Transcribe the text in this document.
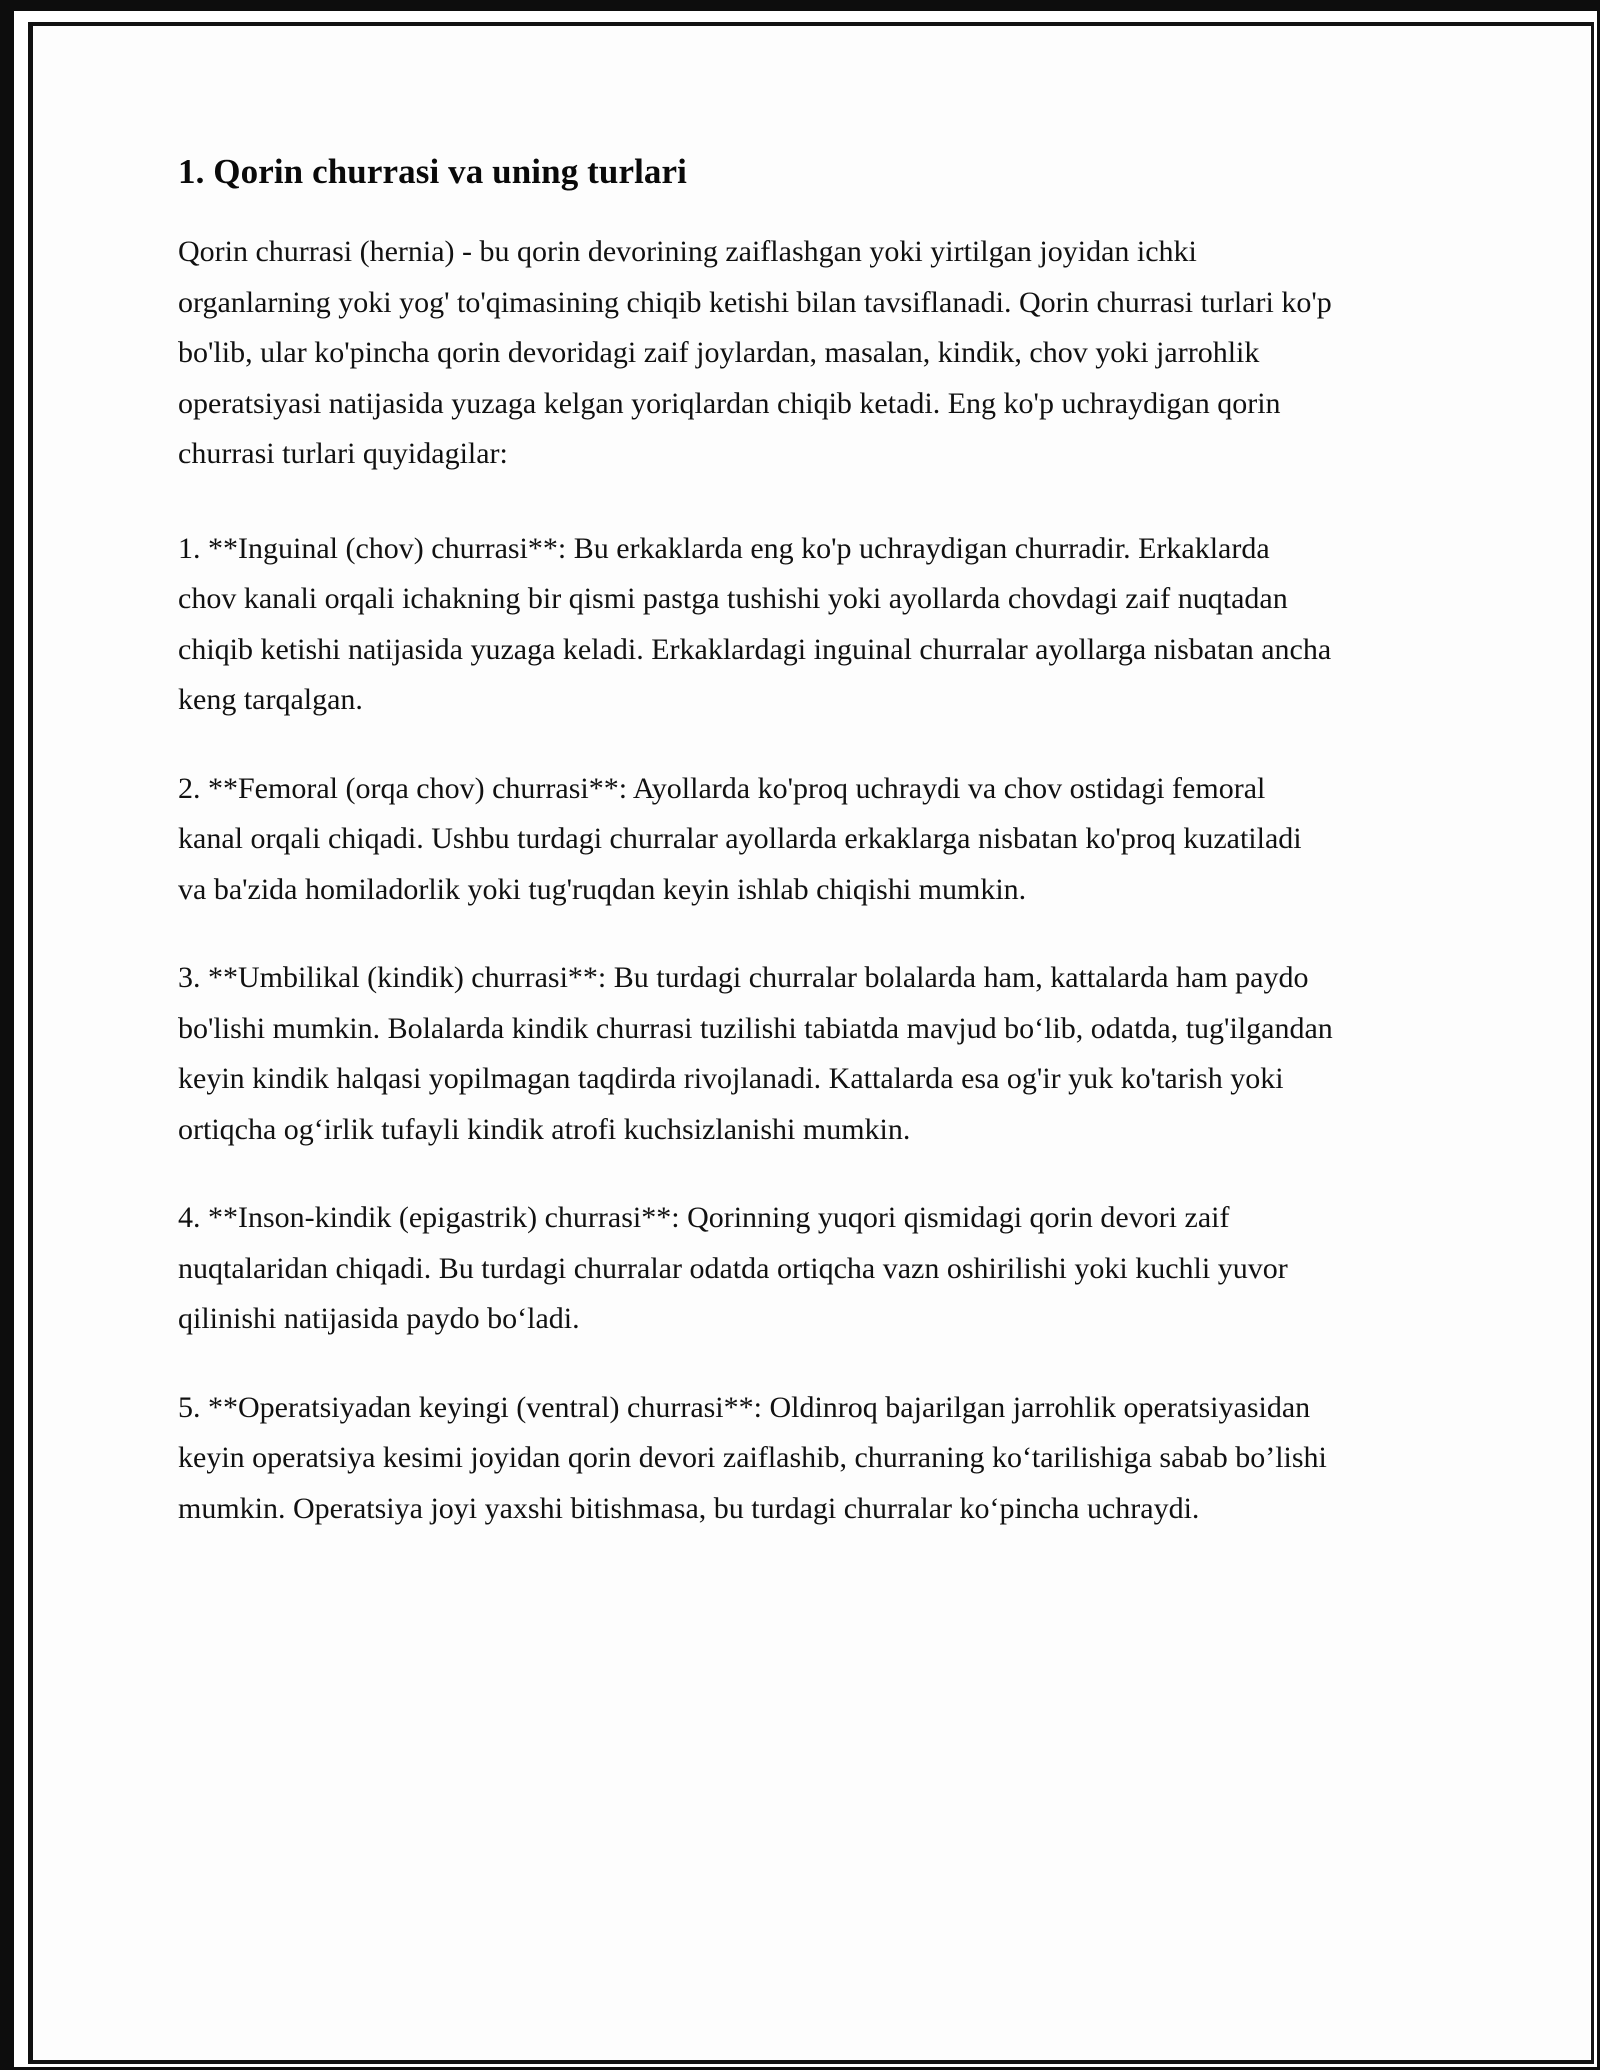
1. Qorin churrasi va uning turlari

Qorin churrasi (hernia) - bu qorin devorining zaiflashgan yoki yirtilgan joyidan ichki organlarning yoki yog' to'qimasining chiqib ketishi bilan tavsiflanadi. Qorin churrasi turlari ko'p bo'lib, ular ko'pincha qorin devoridagi zaif joylardan, masalan, kindik, chov yoki jarrohlik operatsiyasi natijasida yuzaga kelgan yoriqlardan chiqib ketadi. Eng ko'p uchraydigan qorin churrasi turlari quyidagilar:

1. **Inguinal (chov) churrasi**: Bu erkaklarda eng ko'p uchraydigan churradir. Erkaklarda chov kanali orqali ichakning bir qismi pastga tushishi yoki ayollarda chovdagi zaif nuqtadan chiqib ketishi natijasida yuzaga keladi. Erkaklardagi inguinal churralar ayollarga nisbatan ancha keng tarqalgan.

2. **Femoral (orqa chov) churrasi**: Ayollarda ko'proq uchraydi va chov ostidagi femoral kanal orqali chiqadi. Ushbu turdagi churralar ayollarda erkaklarga nisbatan ko'proq kuzatiladi va ba'zida homiladorlik yoki tug'ruqdan keyin ishlab chiqishi mumkin.

3. **Umbilikal (kindik) churrasi**: Bu turdagi churralar bolalarda ham, kattalarda ham paydo bo'lishi mumkin. Bolalarda kindik churrasi tuzilishi tabiatda mavjud boʻlib, odatda, tug'ilgandan keyin kindik halqasi yopilmagan taqdirda rivojlanadi. Kattalarda esa og'ir yuk ko'tarish yoki ortiqcha ogʻirlik tufayli kindik atrofi kuchsizlanishi mumkin.

4. **Inson-kindik (epigastrik) churrasi**: Qorinning yuqori qismidagi qorin devori zaif nuqtalaridan chiqadi. Bu turdagi churralar odatda ortiqcha vazn oshirilishi yoki kuchli yuvor qilinishi natijasida paydo boʻladi.

5. **Operatsiyadan keyingi (ventral) churrasi**: Oldinroq bajarilgan jarrohlik operatsiyasidan keyin operatsiya kesimi joyidan qorin devori zaiflashib, churraning koʻtarilishiga sabab bo’lishi mumkin. Operatsiya joyi yaxshi bitishmasa, bu turdagi churralar koʻpincha uchraydi.
